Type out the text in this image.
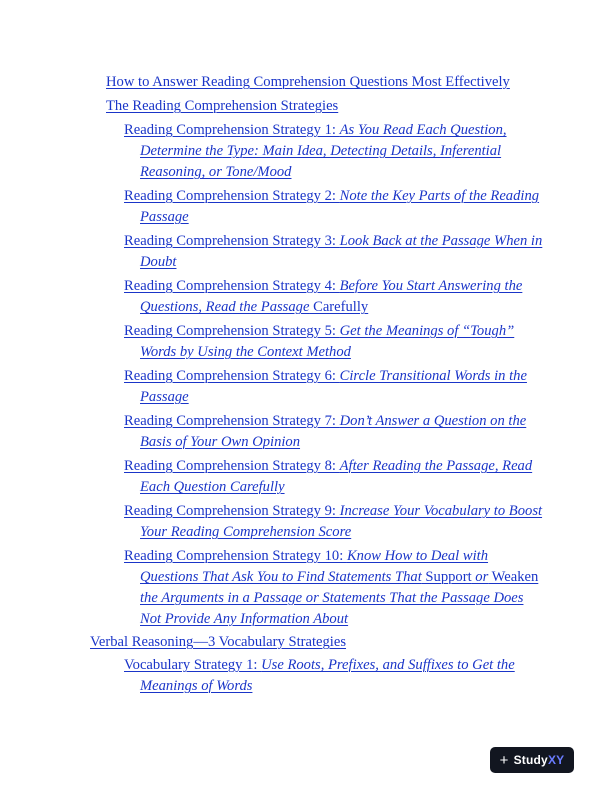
How to Answer Reading Comprehension Questions Most Effectively
The Reading Comprehension Strategies
Reading Comprehension Strategy 1: As You Read Each Question, Determine the Type: Main Idea, Detecting Details, Inferential Reasoning, or Tone/Mood
Reading Comprehension Strategy 2: Note the Key Parts of the Reading Passage
Reading Comprehension Strategy 3: Look Back at the Passage When in Doubt
Reading Comprehension Strategy 4: Before You Start Answering the Questions, Read the Passage Carefully
Reading Comprehension Strategy 5: Get the Meanings of “Tough” Words by Using the Context Method
Reading Comprehension Strategy 6: Circle Transitional Words in the Passage
Reading Comprehension Strategy 7: Don’t Answer a Question on the Basis of Your Own Opinion
Reading Comprehension Strategy 8: After Reading the Passage, Read Each Question Carefully
Reading Comprehension Strategy 9: Increase Your Vocabulary to Boost Your Reading Comprehension Score
Reading Comprehension Strategy 10: Know How to Deal with Questions That Ask You to Find Statements That Support or Weaken the Arguments in a Passage or Statements That the Passage Does Not Provide Any Information About
Verbal Reasoning—3 Vocabulary Strategies
Vocabulary Strategy 1: Use Roots, Prefixes, and Suffixes to Get the Meanings of Words
+ StudyXY
